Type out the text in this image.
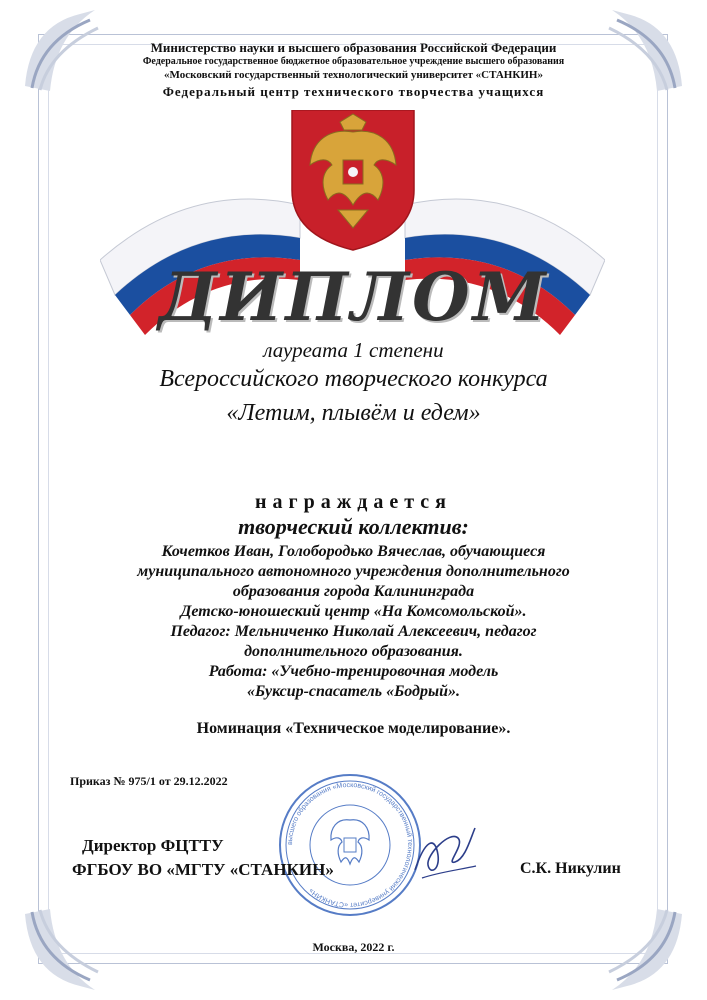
Министерство науки и высшего образования Российской Федерации
Федеральное государственное бюджетное образовательное учреждение высшего образования
«Московский государственный технологический университет «СТАНКИН»
Федеральный центр технического творчества учащихся
ДИПЛОМ
лауреата 1 степени
Всероссийского творческого конкурса
«Летим, плывём и едем»
награждается
творческий коллектив:
Кочетков Иван, Голобородько Вячеслав, обучающиеся
муниципального автономного учреждения дополнительного
образования города Калининграда
Детско-юношеский центр «На Комсомольской».
Педагог: Мельниченко Николай Алексеевич, педагог
дополнительного образования.
Работа: «Учебно-тренировочная модель
«Буксир-спасатель «Бодрый».
Номинация «Техническое моделирование».
Приказ № 975/1 от 29.12.2022
высшего образования «Московский государственный технологический университет «СТАНКИН»
Директор ФЦТТУ
ФГБОУ ВО «МГТУ «СТАНКИН»	С.К. Никулин
Москва, 2022 г.
